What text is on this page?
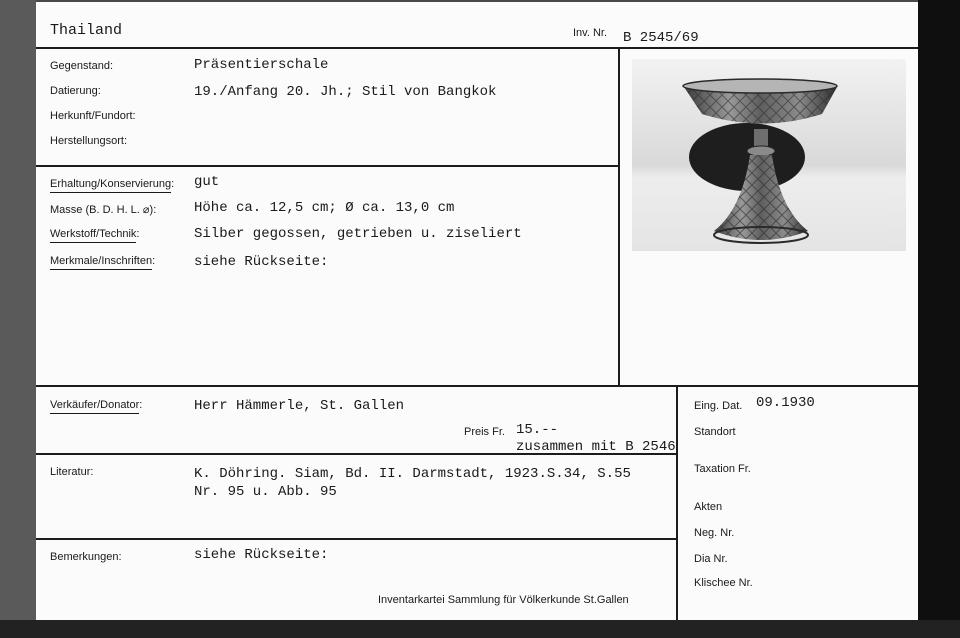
Thailand	Inv. Nr. B 2545/69
Gegenstand:	Präsentierschale
Datierung:	19./Anfang 20. Jh.; Stil von Bangkok
Herkunft/Fundort:
Herstellungsort:
Erhaltung/Konservierung: gut
Masse (B. D. H. L. ⌀):	Höhe ca. 12,5 cm; Ø ca. 13,0 cm
Werkstoff/Technik:	Silber gegossen, getrieben u. ziseliert
Merkmale/Inschriften:	siehe Rückseite:
Verkäufer/Donator:	Herr Hämmerle, St. Gallen
Preis Fr. 15.--
zusammen mit B 2546
Literatur:	K. Döhring. Siam, Bd. II. Darmstadt, 1923.S.34, S.55
Nr. 95 u. Abb. 95
Bemerkungen:	siehe Rückseite:
Inventarkartei Sammlung für Völkerkunde St.Gallen
Eing. Dat. 09.1930
Standort
Taxation Fr.
Akten
Neg. Nr.
Dia Nr.
Klischee Nr.
